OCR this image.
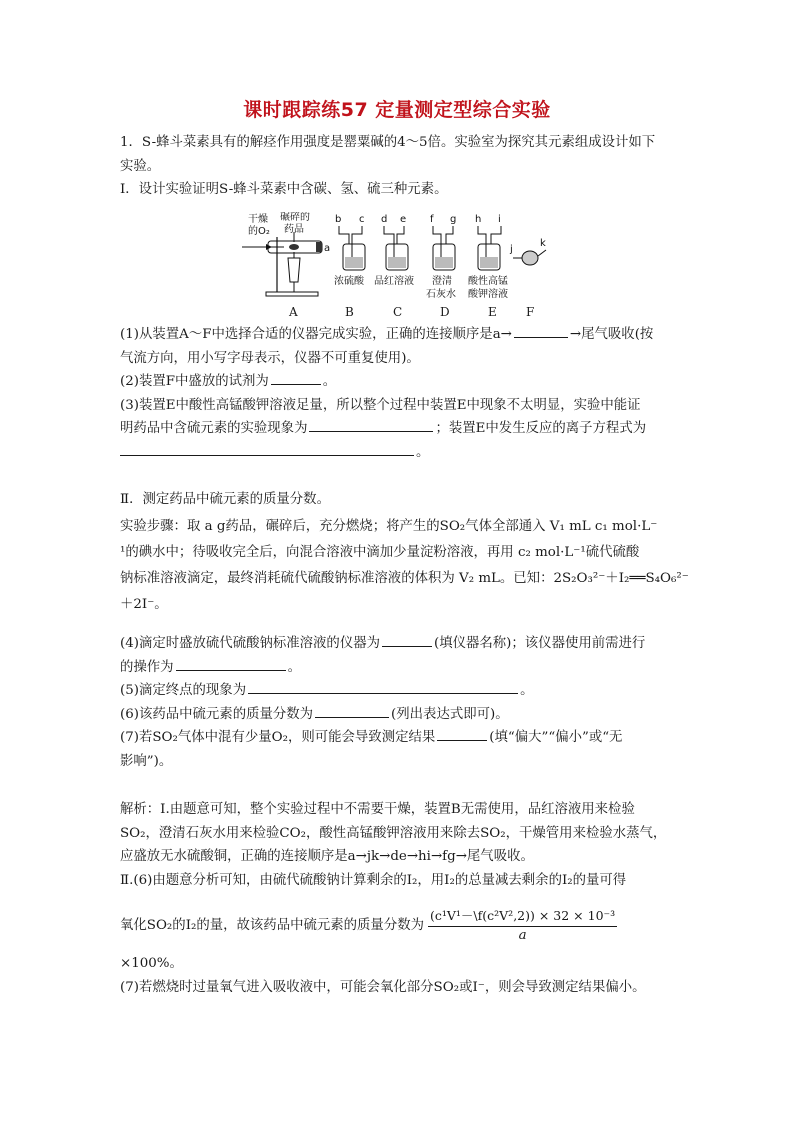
课时跟踪练57 定量测定型综合实验
1．S-蜂斗菜素具有的解痉作用强度是罂粟碱的4～5倍。实验室为探究其元素组成设计如下
实验。
Ⅰ．设计实验证明S-蜂斗菜素中含碳、氢、硫三种元素。
干燥
的O₂
碾碎的
药品
a
b c
浓硫酸
d e
品红溶液
f g
澄清
石灰水
h i
酸性高锰
酸钾溶液
j
k
A	B	C	D	E F
(1)从装置A～F中选择合适的仪器完成实验，正确的连接顺序是a→	→尾气吸收(按
气流方向，用小写字母表示，仪器不可重复使用)。
(2)装置F中盛放的试剂为	。
(3)装置E中酸性高锰酸钾溶液足量，所以整个过程中装置E中现象不太明显，实验中能证
明药品中含硫元素的实验现象为	；装置E中发生反应的离子方程式为
。
Ⅱ．测定药品中硫元素的质量分数。
实验步骤：取 a g药品，碾碎后，充分燃烧；将产生的SO₂气体全部通入 V₁ mL c₁ mol·L⁻
¹的碘水中；待吸收完全后，向混合溶液中滴加少量淀粉溶液，再用 c₂ mol·L⁻¹硫代硫酸
钠标准溶液滴定，最终消耗硫代硫酸钠标准溶液的体积为 V₂ mL。已知：2S₂O₃²⁻＋I₂══S₄O₆²⁻
＋2I⁻。
(4)滴定时盛放硫代硫酸钠标准溶液的仪器为	(填仪器名称)；该仪器使用前需进行
的操作为	。
(5)滴定终点的现象为	。
(6)该药品中硫元素的质量分数为	(列出表达式即可)。
(7)若SO₂气体中混有少量O₂，则可能会导致测定结果	(填“偏大”“偏小”或“无
影响”)。
解析：Ⅰ.由题意可知，整个实验过程中不需要干燥，装置B无需使用，品红溶液用来检验
SO₂，澄清石灰水用来检验CO₂，酸性高锰酸钾溶液用来除去SO₂，干燥管用来检验水蒸气，
应盛放无水硫酸铜，正确的连接顺序是a→jk→de→hi→fg→尾气吸收。
Ⅱ.(6)由题意分析可知，由硫代硫酸钠计算剩余的I₂，用I₂的总量减去剩余的I₂的量可得
氧化SO₂的I₂的量，故该药品中硫元素的质量分数为 $\frac{\text{(c¹V¹－\textbackslash{}f(c²V²,2)) × 32 × 10⁻³}}{a}$
×100%。
(7)若燃烧时过量氧气进入吸收液中，可能会氧化部分SO₂或I⁻，则会导致测定结果偏小。
